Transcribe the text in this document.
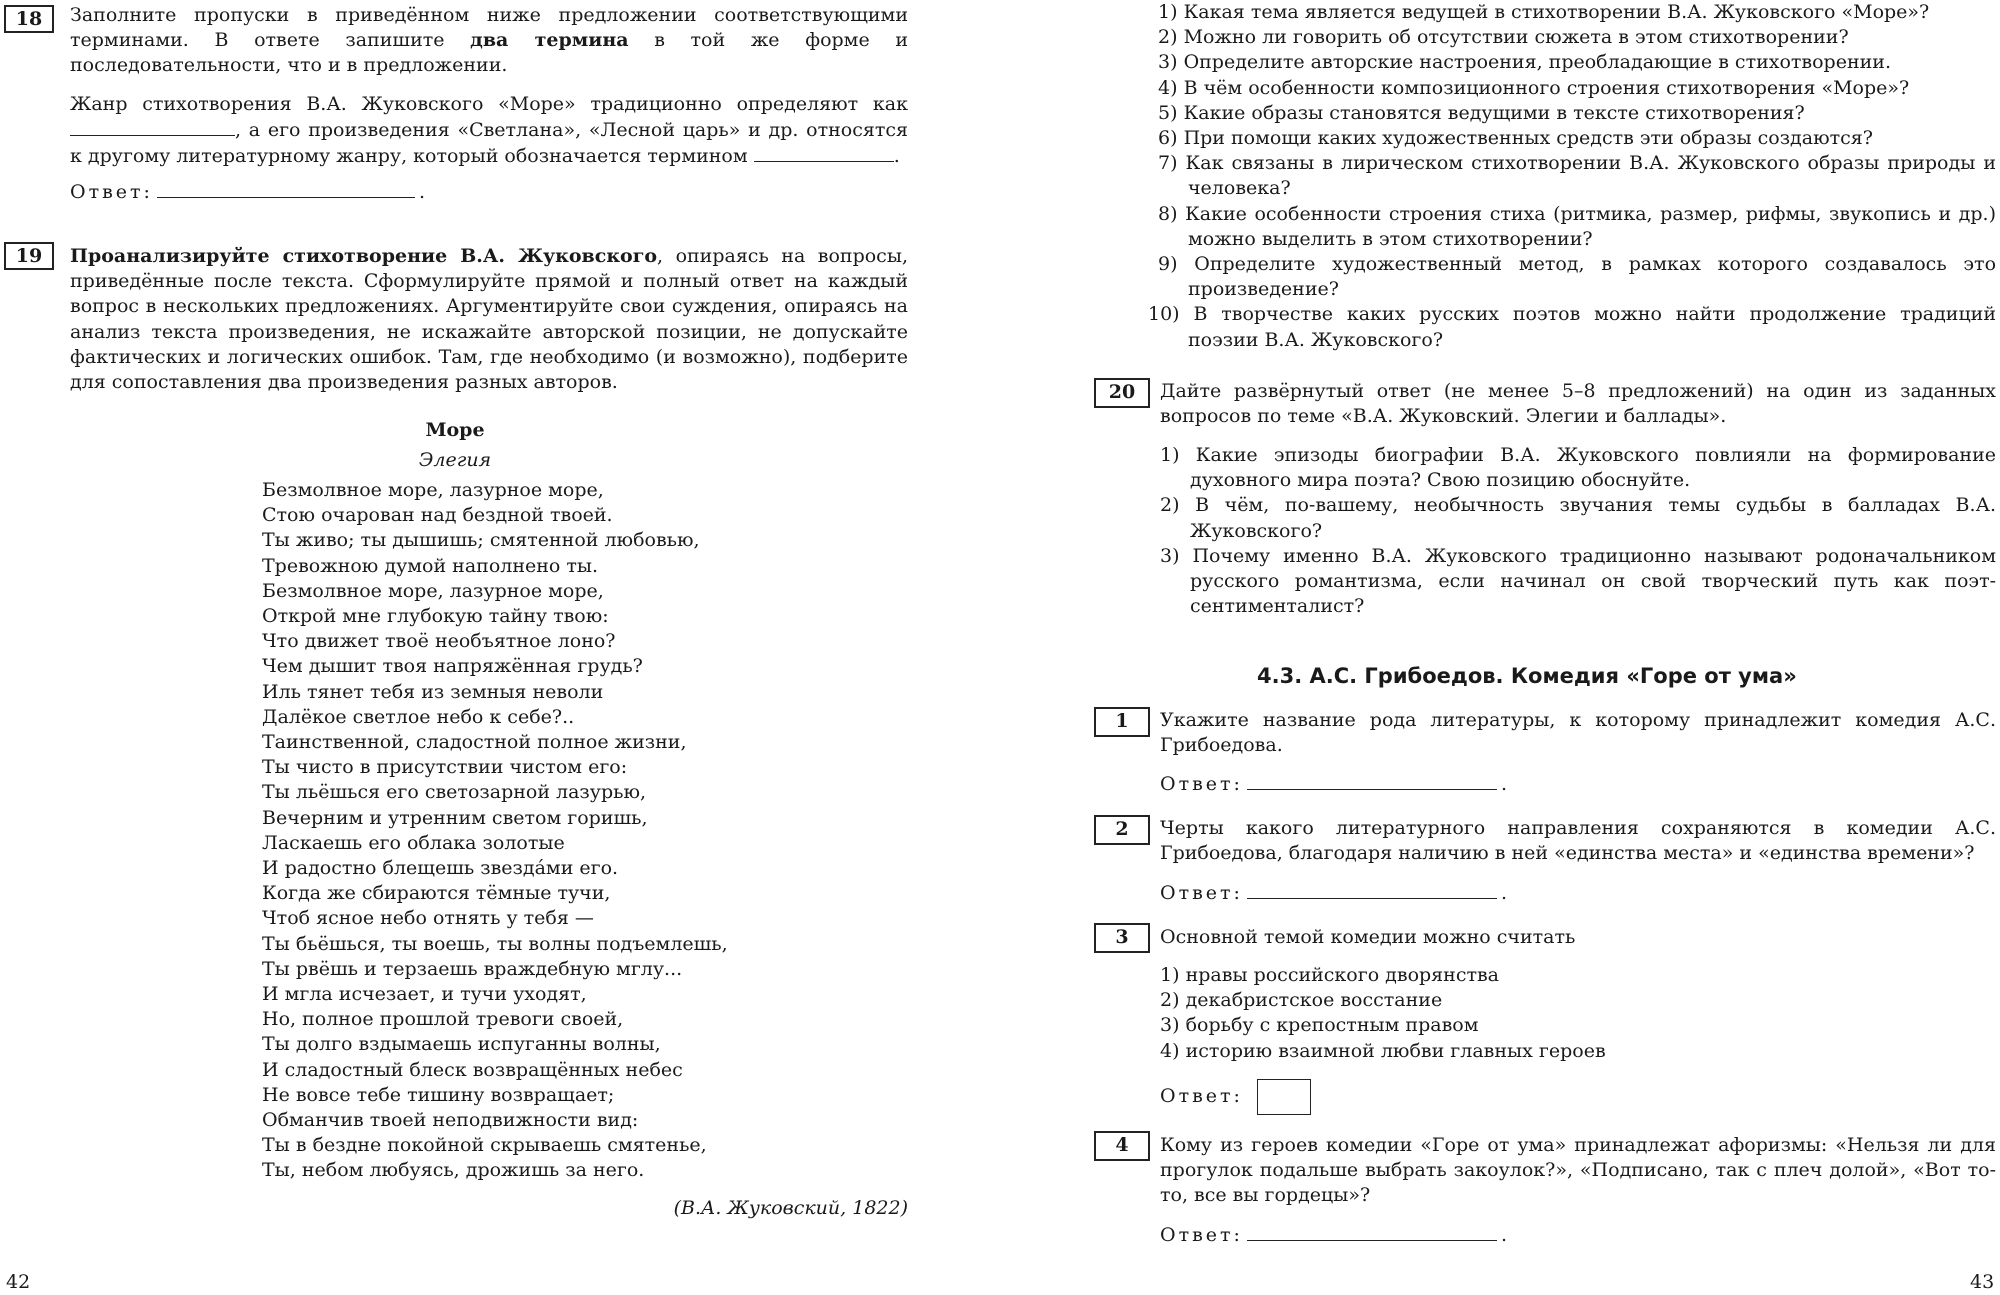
18	Заполните пропуски в приведённом ниже предложении соответствующими терминами. В ответе запишите два термина в той же форме и последовательности, что и в предложении.
Жанр стихотворения В.А. Жуковского «Море» традиционно определяют как , а его произведения «Светлана», «Лесной царь» и др. относятся к другому литературному жанру, который обозначается термином	.
Ответ:	.
19	Проанализируйте стихотворение В.А. Жуковского, опираясь на вопросы, приведённые после текста. Сформулируйте прямой и полный ответ на каждый вопрос в нескольких предложениях. Аргументируйте свои суждения, опираясь на анализ текста произведения, не искажайте авторской позиции, не допускайте фактических и логических ошибок. Там, где необходимо (и возможно), подберите для сопоставления два произведения разных авторов.
Море
Элегия
Безмолвное море, лазурное море,
Стою очарован над бездной твоей.
Ты живо; ты дышишь; смятенной любовью,
Тревожною думой наполнено ты.
Безмолвное море, лазурное море,
Открой мне глубокую тайну твою:
Что движет твоё необъятное лоно?
Чем дышит твоя напряжённая грудь?
Иль тянет тебя из земныя неволи
Далёкое светлое небо к себе?..
Таинственной, сладостной полное жизни,
Ты чисто в присутствии чистом его:
Ты льёшься его светозарной лазурью,
Вечерним и утренним светом горишь,
Ласкаешь его облака золотые
И радостно блещешь звезда́ми его.
Когда же сбираются тёмные тучи,
Чтоб ясное небо отнять у тебя —
Ты бьёшься, ты воешь, ты волны подъемлешь,
Ты рвёшь и терзаешь враждебную мглу...
И мгла исчезает, и тучи уходят,
Но, полное прошлой тревоги своей,
Ты долго вздымаешь испуганны волны,
И сладостный блеск возвращённых небес
Не вовсе тебе тишину возвращает;
Обманчив твоей неподвижности вид:
Ты в бездне покойной скрываешь смятенье,
Ты, небом любуясь, дрожишь за него.
(В.А. Жуковский, 1822)
42
1) Какая тема является ведущей в стихотворении В.А. Жуковского «Море»?
2) Можно ли говорить об отсутствии сюжета в этом стихотворении?
3) Определите авторские настроения, преобладающие в стихотворении.
4) В чём особенности композиционного строения стихотворения «Море»?
5) Какие образы становятся ведущими в тексте стихотворения?
6) При помощи каких художественных средств эти образы создаются?
7) Как связаны в лирическом стихотворении В.А. Жуковского образы природы и человека?
8) Какие особенности строения стиха (ритмика, размер, рифмы, звукопись и др.) можно выделить в этом стихотворении?
9) Определите художественный метод, в рамках которого создавалось это произведение?
10) В творчестве каких русских поэтов можно найти продолжение традиций поэзии В.А. Жуковского?
20	Дайте развёрнутый ответ (не менее 5–8 предложений) на один из заданных вопросов по теме «В.А. Жуковский. Элегии и баллады».
1) Какие эпизоды биографии В.А. Жуковского повлияли на формирование духовного мира поэта? Свою позицию обоснуйте.
2) В чём, по-вашему, необычность звучания темы судьбы в балладах В.А. Жуковского?
3) Почему именно В.А. Жуковского традиционно называют родоначальником русского романтизма, если начинал он свой творческий путь как поэт-сентименталист?
4.3. А.С. Грибоедов. Комедия «Горе от ума»
1	Укажите название рода литературы, к которому принадлежит комедия А.С. Грибоедова.
Ответ:	.
2	Черты какого литературного направления сохраняются в комедии А.С. Грибоедова, благодаря наличию в ней «единства места» и «единства времени»?
Ответ:	.
3	Основной темой комедии можно считать
1) нравы российского дворянства
2) декабристское восстание
3) борьбу с крепостным правом
4) историю взаимной любви главных героев
Ответ:
4	Кому из героев комедии «Горе от ума» принадлежат афоризмы: «Нельзя ли для прогулок подальше выбрать закоулок?», «Подписано, так с плеч долой», «Вот то-то, все вы гордецы»?
Ответ:	.
43
